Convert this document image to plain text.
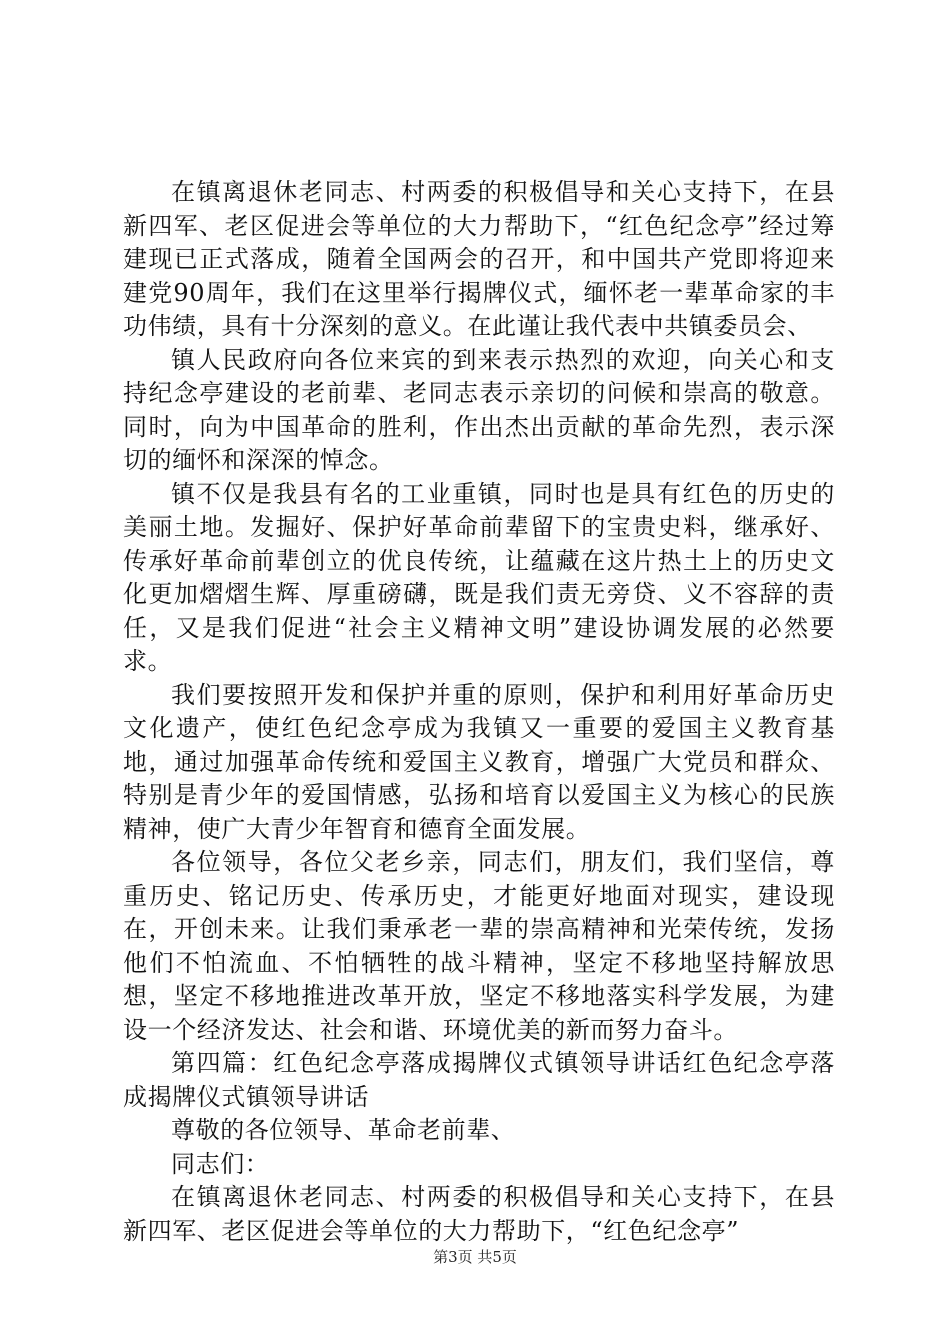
在镇离退休老同志、村两委的积极倡导和关心支持下，在县新四军、老区促进会等单位的大力帮助下，“红色纪念亭”经过筹建现已正式落成，随着全国两会的召开，和中国共产党即将迎来建党90周年，我们在这里举行揭牌仪式，缅怀老一辈革命家的丰功伟绩，具有十分深刻的意义。在此谨让我代表中共镇委员会、

镇人民政府向各位来宾的到来表示热烈的欢迎，向关心和支持纪念亭建设的老前辈、老同志表示亲切的问候和崇高的敬意。同时，向为中国革命的胜利，作出杰出贡献的革命先烈，表示深切的缅怀和深深的悼念。

镇不仅是我县有名的工业重镇，同时也是具有红色的历史的美丽土地。发掘好、保护好革命前辈留下的宝贵史料，继承好、传承好革命前辈创立的优良传统，让蕴藏在这片热土上的历史文化更加熠熠生辉、厚重磅礴，既是我们责无旁贷、义不容辞的责任，又是我们促进“社会主义精神文明”建设协调发展的必然要求。

我们要按照开发和保护并重的原则，保护和利用好革命历史文化遗产，使红色纪念亭成为我镇又一重要的爱国主义教育基地，通过加强革命传统和爱国主义教育，增强广大党员和群众、特别是青少年的爱国情感，弘扬和培育以爱国主义为核心的民族精神，使广大青少年智育和德育全面发展。

各位领导，各位父老乡亲，同志们，朋友们，我们坚信，尊重历史、铭记历史、传承历史，才能更好地面对现实，建设现在，开创未来。让我们秉承老一辈的崇高精神和光荣传统，发扬他们不怕流血、不怕牺牲的战斗精神，坚定不移地坚持解放思想，坚定不移地推进改革开放，坚定不移地落实科学发展，为建设一个经济发达、社会和谐、环境优美的新而努力奋斗。

第四篇：红色纪念亭落成揭牌仪式镇领导讲话红色纪念亭落成揭牌仪式镇领导讲话

尊敬的各位领导、革命老前辈、

同志们：

在镇离退休老同志、村两委的积极倡导和关心支持下，在县新四军、老区促进会等单位的大力帮助下，“红色纪念亭”

第3页 共5页
